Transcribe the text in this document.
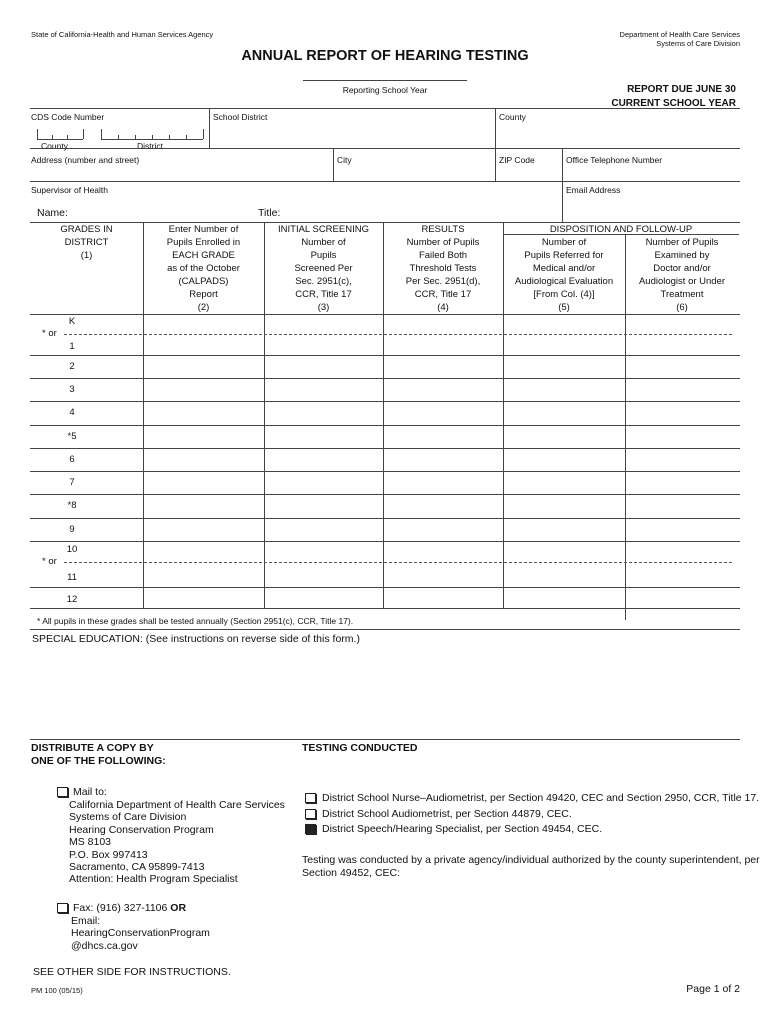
State of California-Health and Human Services Agency	Department of Health Care Services
Systems of Care Division
ANNUAL REPORT OF HEARING TESTING
Reporting School Year	REPORT DUE JUNE 30
CURRENT SCHOOL YEAR
CDS Code Number
County	District
School District	County
Address (number and street)	City	ZIP Code	Office Telephone Number
Supervisor of Health	Email Address
Name:	Title:
GRADES IN
DISTRICT
(1)
Enter Number of
Pupils Enrolled in
EACH GRADE
as of the October
(CALPADS)
Report
(2)
INITIAL SCREENING
Number of
Pupils
Screened Per
Sec. 2951(c),
CCR, Title 17
(3)
RESULTS
Number of Pupils
Failed Both
Threshold Tests
Per Sec. 2951(d),
CCR, Title 17
(4)
DISPOSITION AND FOLLOW-UP
Number of
Pupils Referred for
Medical and/or
Audiological Evaluation
[From Col. (4)]
(5)
Number of Pupils
Examined by
Doctor and/or
Audiologist or Under
Treatment
(6)
K
* or
1
2
3
4
*5
6
7
*8
9
10
* or
11
12
* All pupils in these grades shall be tested annually (Section 2951(c), CCR, Title 17).
SPECIAL EDUCATION: (See instructions on reverse side of this form.)
DISTRIBUTE A COPY BY
ONE OF THE FOLLOWING:
Mail to:
California Department of Health Care Services
Systems of Care Division
Hearing Conservation Program
MS 8103
P.O. Box 997413
Sacramento, CA 95899-7413
Attention: Health Program Specialist
Fax: (916) 327-1106 OR
Email:
HearingConservationProgram
@dhcs.ca.gov
TESTING CONDUCTED
District School Nurse–Audiometrist, per Section 49420, CEC and Section 2950, CCR, Title 17.
District School Audiometrist, per Section 44879, CEC.
District Speech/Hearing Specialist, per Section 49454, CEC.
Testing was conducted by a private agency/individual authorized by the county superintendent, per
Section 49452, CEC:
SEE OTHER SIDE FOR INSTRUCTIONS.
PM 100 (05/15)	Page 1 of 2
